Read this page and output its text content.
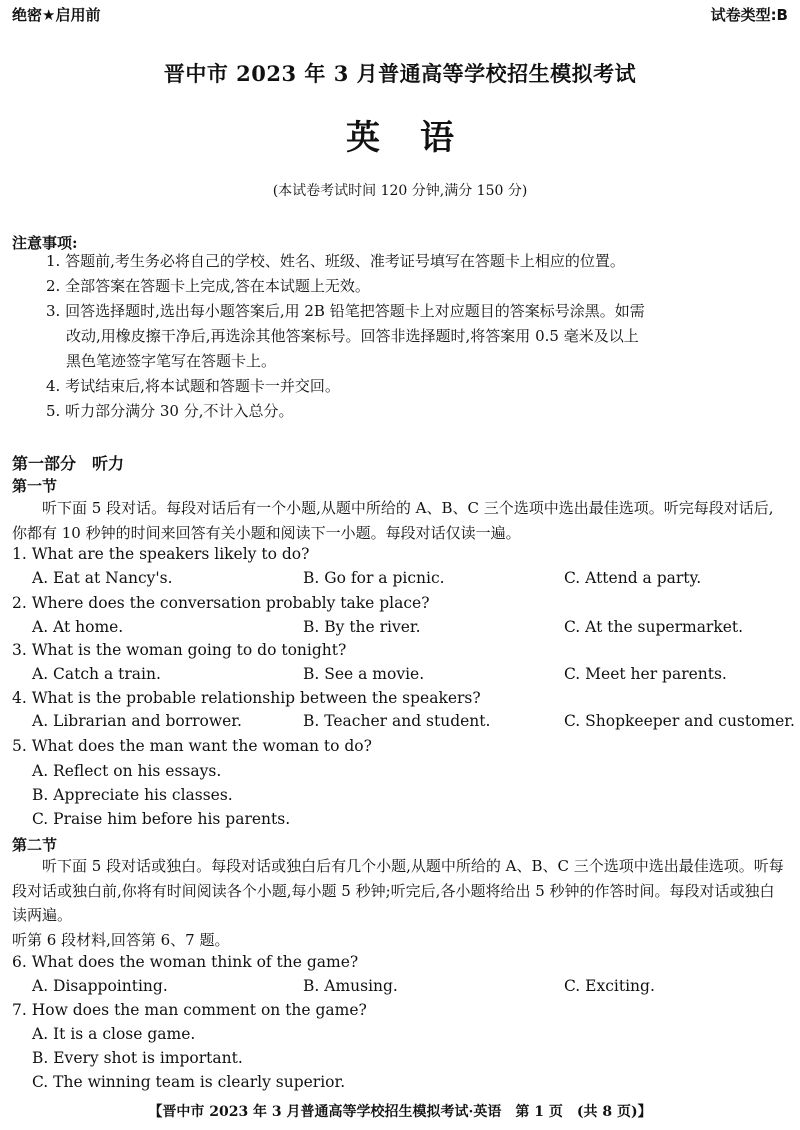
绝密★启用前	试卷类型:B
晋中市 2023 年 3 月普通高等学校招生模拟考试
英语
(本试卷考试时间 120 分钟,满分 150 分)
注意事项:
1. 答题前,考生务必将自己的学校、姓名、班级、准考证号填写在答题卡上相应的位置。
2. 全部答案在答题卡上完成,答在本试题上无效。
3. 回答选择题时,选出每小题答案后,用 2B 铅笔把答题卡上对应题目的答案标号涂黑。如需
改动,用橡皮擦干净后,再选涂其他答案标号。回答非选择题时,将答案用 0.5 毫米及以上
黑色笔迹签字笔写在答题卡上。
4. 考试结束后,将本试题和答题卡一并交回。
5. 听力部分满分 30 分,不计入总分。
第一部分　听力
第一节
听下面 5 段对话。每段对话后有一个小题,从题中所给的 A、B、C 三个选项中选出最佳选项。听完每段对话后,你都有 10 秒钟的时间来回答有关小题和阅读下一小题。每段对话仅读一遍。
1. What are the speakers likely to do?
A. Eat at Nancy's.	B. Go for a picnic.	C. Attend a party.
2. Where does the conversation probably take place?
A. At home.	B. By the river.	C. At the supermarket.
3. What is the woman going to do tonight?
A. Catch a train.	B. See a movie.	C. Meet her parents.
4. What is the probable relationship between the speakers?
A. Librarian and borrower.	B. Teacher and student.	C. Shopkeeper and customer.
5. What does the man want the woman to do?
A. Reflect on his essays.
B. Appreciate his classes.
C. Praise him before his parents.
第二节
听下面 5 段对话或独白。每段对话或独白后有几个小题,从题中所给的 A、B、C 三个选项中选出最佳选项。听每段对话或独白前,你将有时间阅读各个小题,每小题 5 秒钟;听完后,各小题将给出 5 秒钟的作答时间。每段对话或独白读两遍。
听第 6 段材料,回答第 6、7 题。
6. What does the woman think of the game?
A. Disappointing.	B. Amusing.	C. Exciting.
7. How does the man comment on the game?
A. It is a close game.
B. Every shot is important.
C. The winning team is clearly superior.
【晋中市 2023 年 3 月普通高等学校招生模拟考试·英语　第 1 页　(共 8 页)】
